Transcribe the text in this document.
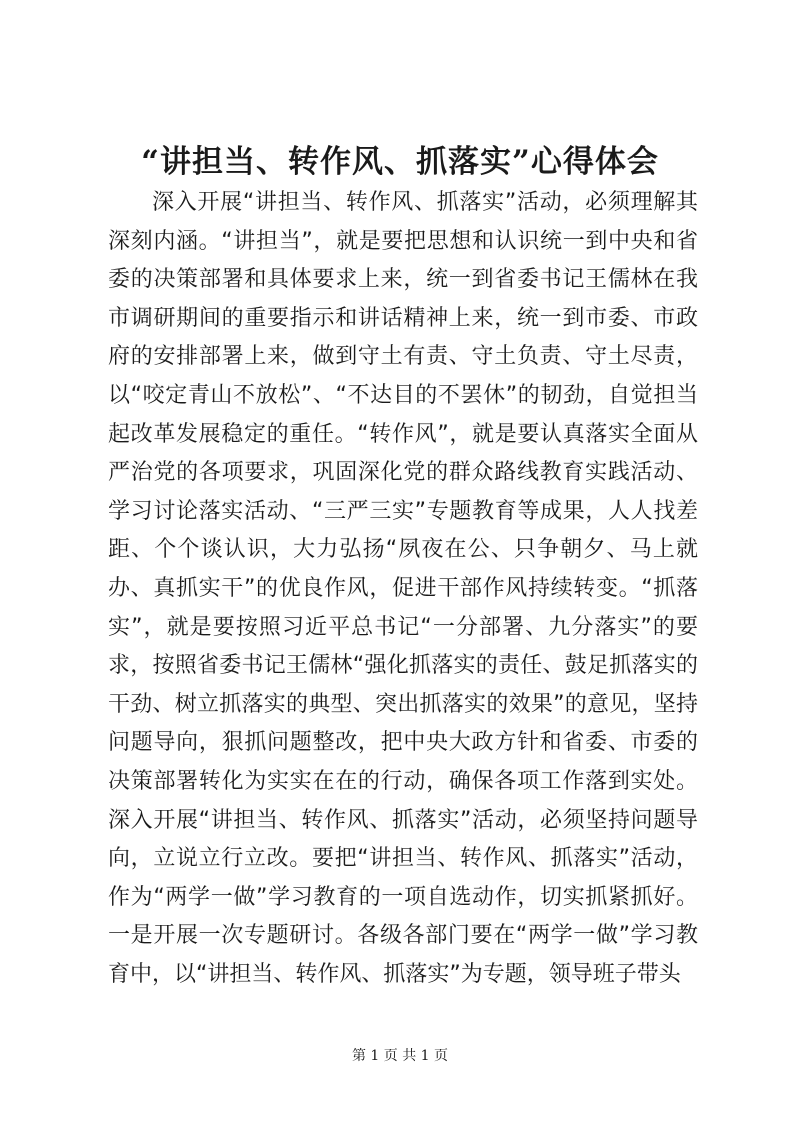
“讲担当、转作风、抓落实”心得体会

深入开展“讲担当、转作风、抓落实”活动，必须理解其深刻内涵。“讲担当”，就是要把思想和认识统一到中央和省委的决策部署和具体要求上来，统一到省委书记王儒林在我市调研期间的重要指示和讲话精神上来，统一到市委、市政府的安排部署上来，做到守土有责、守土负责、守土尽责，以“咬定青山不放松”、“不达目的不罢休”的韧劲，自觉担当起改革发展稳定的重任。“转作风”，就是要认真落实全面从严治党的各项要求，巩固深化党的群众路线教育实践活动、学习讨论落实活动、“三严三实”专题教育等成果，人人找差距、个个谈认识，大力弘扬“夙夜在公、只争朝夕、马上就办、真抓实干”的优良作风，促进干部作风持续转变。“抓落实”，就是要按照习近平总书记“一分部署、九分落实”的要求，按照省委书记王儒林“强化抓落实的责任、鼓足抓落实的干劲、树立抓落实的典型、突出抓落实的效果”的意见，坚持问题导向，狠抓问题整改，把中央大政方针和省委、市委的决策部署转化为实实在在的行动，确保各项工作落到实处。深入开展“讲担当、转作风、抓落实”活动，必须坚持问题导向，立说立行立改。要把“讲担当、转作风、抓落实”活动，作为“两学一做”学习教育的一项自选动作，切实抓紧抓好。一是开展一次专题研讨。各级各部门要在“两学一做”学习教育中，以“讲担当、转作风、抓落实”为专题，领导班子带头

第 1 页 共 1 页
